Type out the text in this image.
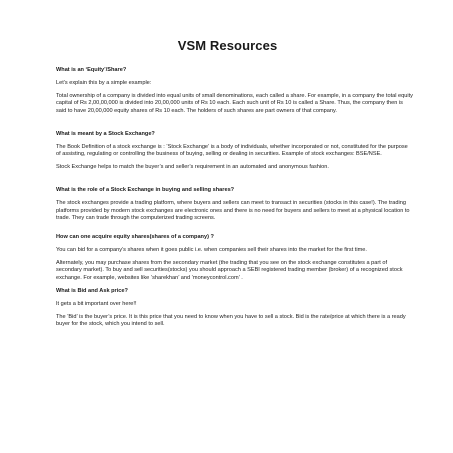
VSM Resources
What is an ‘Equity’/Share?
Let’s explain this by a simple example:
Total ownership of a company is divided into equal units of small denominations, each called a share. For example, in a company the total equity capital of Rs 2,00,00,000 is divided into 20,00,000 units of Rs 10 each. Each such unit of Rs 10 is called a Share. Thus, the company then is said to have 20,00,000 equity shares of Rs 10 each. The holders of such shares are part owners of that company.
What is meant by a Stock Exchange?
The Book Definition of a stock exchange is : ‘Stock Exchange’ is a body of individuals, whether incorporated or not, constituted for the purpose of assisting, regulating or controlling the business of buying, selling or dealing in securities. Example of stock exchanges: BSE/NSE.
Stock Exchange helps to match the buyer’s and seller’s requirement in an automated and anonymous fashion.
What is the role of a Stock Exchange in buying and selling shares?
The stock exchanges provide a trading platform, where buyers and sellers can meet to transact in securities (stocks in this case!). The trading platforms provided by modern stock exchanges are electronic ones and there is no need for buyers and sellers to meet at a physical location to trade. They can trade through the computerized trading screens.
How can one acquire equity shares(shares of a company) ?
You can bid for a company’s shares when it goes public i.e. when companies sell their shares into the market for the first time.
Alternately, you may purchase shares from the secondary market (the trading that you see on the stock exchange constitutes a part of secondary market). To buy and sell securities(stocks) you should approach a SEBI registered trading member (broker) of a recognized stock exchange. For example, websites like ‘sharekhan’ and ‘moneycontrol.com’ .
What is Bid and Ask price?
It gets a bit important over here!!
The ‘Bid’ is the buyer’s price. It is this price that you need to know when you have to sell a stock. Bid is the rate/price at which there is a ready buyer for the stock, which you intend to sell.
